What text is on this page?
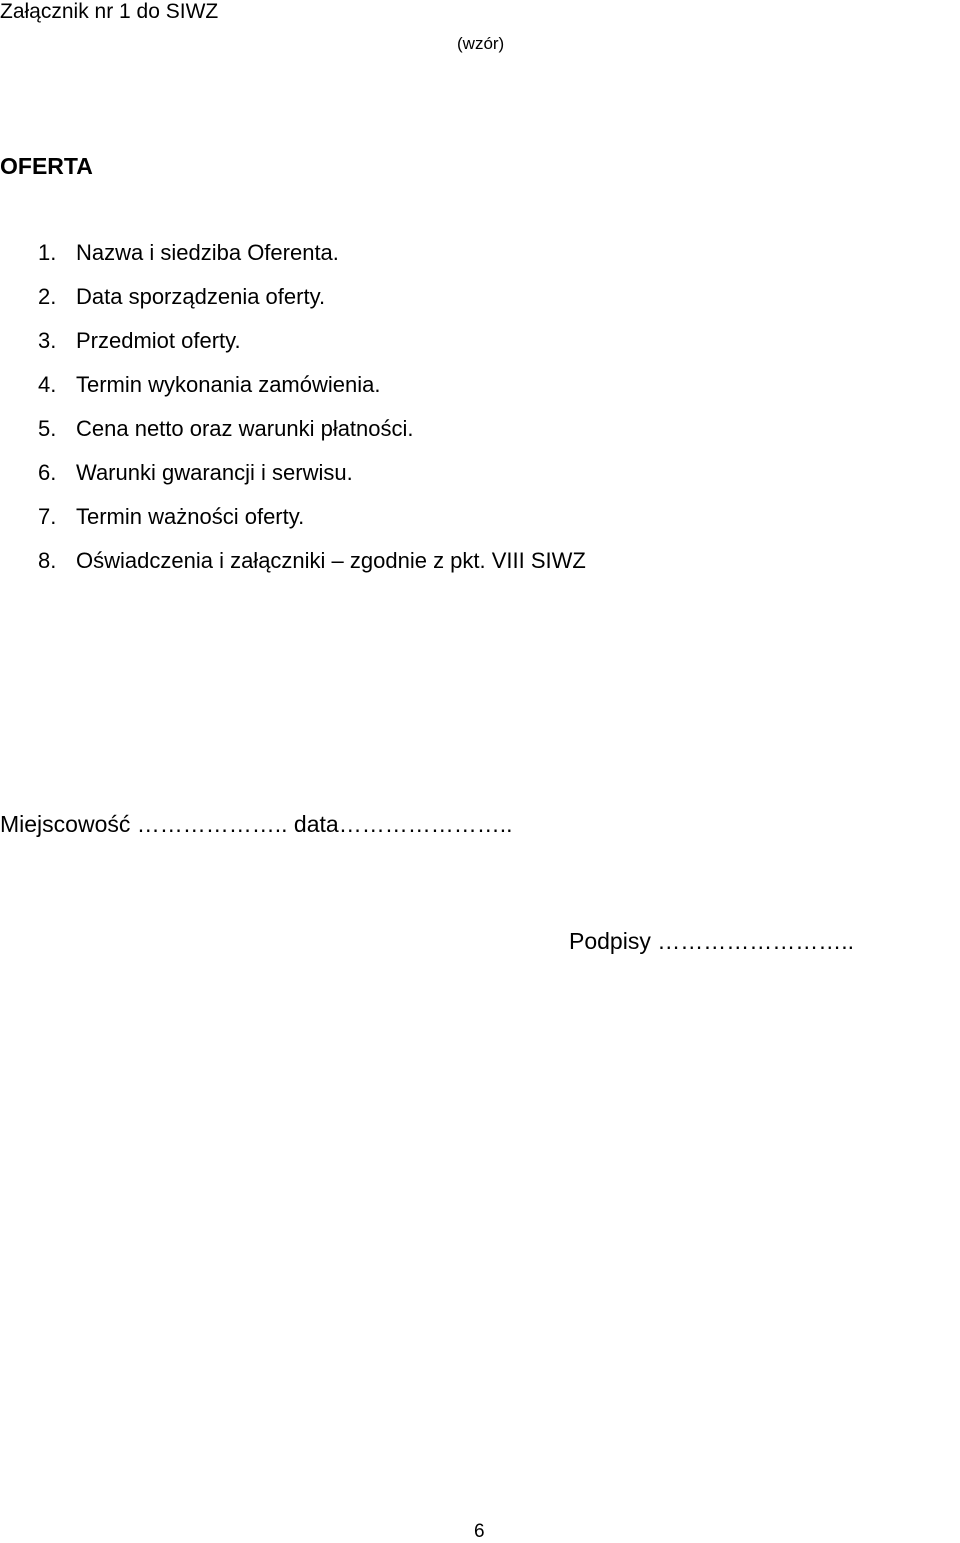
Załącznik nr 1 do SIWZ
(wzór)
OFERTA
1. Nazwa i siedziba Oferenta.
2. Data sporządzenia oferty.
3. Przedmiot oferty.
4. Termin wykonania zamówienia.
5. Cena netto oraz warunki płatności.
6. Warunki gwarancji i serwisu.
7. Termin ważności oferty.
8. Oświadczenia i załączniki – zgodnie z pkt. VIII SIWZ
Miejscowość ……………….. data…………………..
Podpisy ……………………..
6
